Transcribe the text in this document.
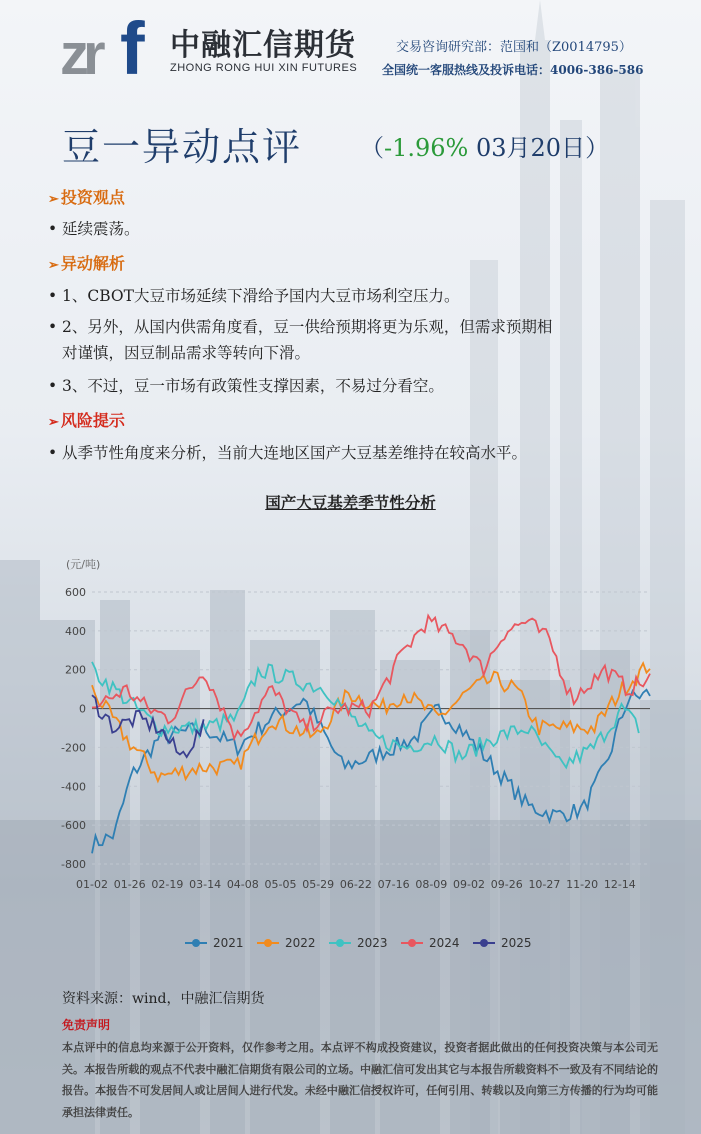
zr f 中融汇信期货
ZHONG RONG HUI XIN FUTURES
交易咨询研究部：范国和（Z0014795）
全国统一客服热线及投诉电话：4006-386-586
豆一异动点评 （-1.96% 03月20日）
➢ 投资观点
• 延续震荡。
➢ 异动解析
• 1、CBOT大豆市场延续下滑给予国内大豆市场利空压力。
• 2、另外，从国内供需角度看，豆一供给预期将更为乐观，但需求预期相
对谨慎，因豆制品需求等转向下滑。
• 3、不过，豆一市场有政策性支撑因素，不易过分看空。
➢ 风险提示
• 从季节性角度来分析，当前大连地区国产大豆基差维持在较高水平。
国产大豆基差季节性分析
(元/吨)
600
400
200
0
-200
-400
-600
-800
01-02 01-26 02-19 03-14 04-08 05-05 05-29 06-22 07-16 08-09 09-02 09-26 10-27 11-20 12-14
2021	2022	2023	2024	2025
资料来源：wind，中融汇信期货
免责声明
本点评中的信息均来源于公开资料，仅作参考之用。本点评不构成投资建议，投资者据此做出的任何投资决策与本公司无关。本报告所载的观点不代表中融汇信期货有限公司的立场。中融汇信可发出其它与本报告所载资料不一致及有不同结论的报告。本报告不可发居间人或让居间人进行代发。未经中融汇信授权许可，任何引用、转载以及向第三方传播的行为均可能承担法律责任。
